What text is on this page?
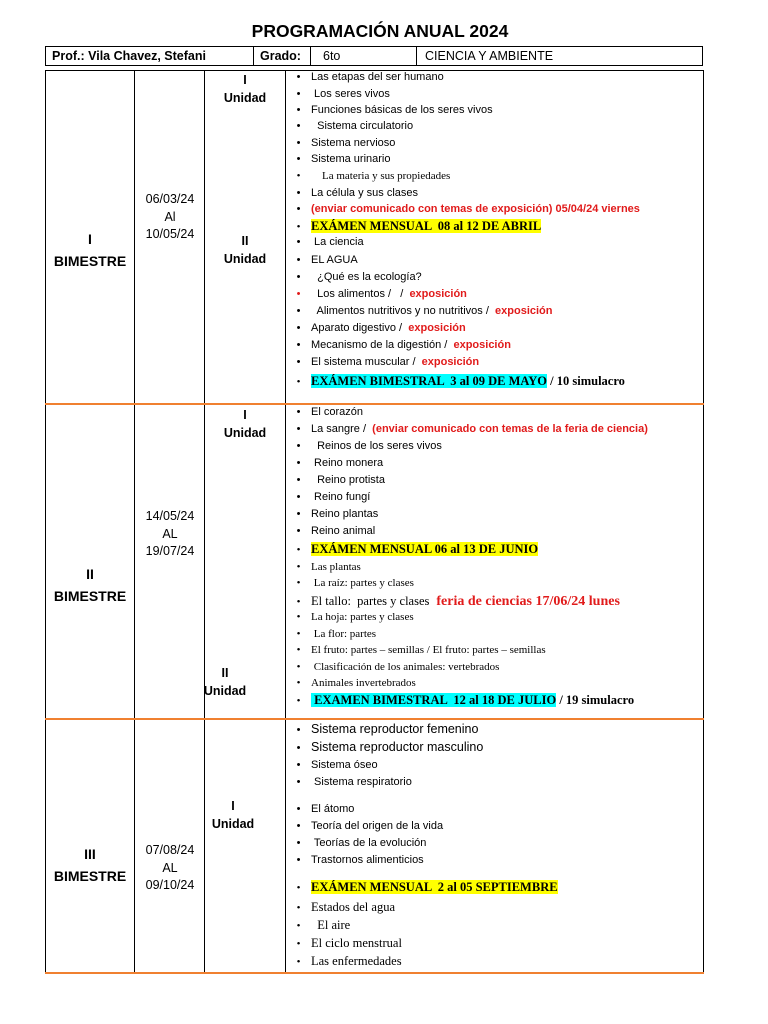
PROGRAMACIÓN ANUAL 2024
Prof.: Vila Chavez, Stefani	Grado: 6to	CIENCIA Y AMBIENTE
I
BIMESTRE
06/03/24
Al
10/05/24
I
Unidad
II
Unidad
II
BIMESTRE
14/05/24
AL
19/07/24
I
Unidad
II
Unidad
III
BIMESTRE
07/08/24
AL
09/10/24
I
Unidad
• Las etapas del ser humano
• Los seres vivos
• Funciones básicas de los seres vivos
•  Sistema circulatorio
• Sistema nervioso
• Sistema urinario
•    La materia y sus propiedades
• La célula y sus clases
• (enviar comunicado con temas de exposición) 05/04/24 viernes
• EXÁMEN MENSUAL  08 al 12 DE ABRIL
• La ciencia
• EL AGUA
•  ¿Qué es la ecología?
•  Los alimentos /   /  exposición
•  Alimentos nutritivos y no nutritivos /  exposición
• Aparato digestivo /  exposición
• Mecanismo de la digestión /  exposición
• El sistema muscular /  exposición
• EXÁMEN BIMESTRAL  3 al 09 DE MAYO / 10 simulacro
• El corazón
• La sangre /  (enviar comunicado con temas de la feria de ciencia)
•  Reinos de los seres vivos
• Reino monera
•  Reino protista
• Reino fungí
• Reino plantas
• Reino animal
• EXÁMEN MENSUAL 06 al 13 DE JUNIO
• Las plantas
• La raíz: partes y clases
• El tallo:  partes y clases  feria de ciencias 17/06/24 lunes
• La hoja: partes y clases
• La flor: partes
• El fruto: partes – semillas / El fruto: partes – semillas
• Clasificación de los animales: vertebrados
• Animales invertebrados
• EXAMEN BIMESTRAL  12 al 18 DE JULIO / 19 simulacro
• Sistema reproductor femenino
• Sistema reproductor masculino
• Sistema óseo
• Sistema respiratorio
• El átomo
• Teoría del origen de la vida
• Teorías de la evolución
• Trastornos alimenticios
• EXÁMEN MENSUAL  2 al 05 SEPTIEMBRE
• Estados del agua
•  El aire
• El ciclo menstrual
• Las enfermedades
